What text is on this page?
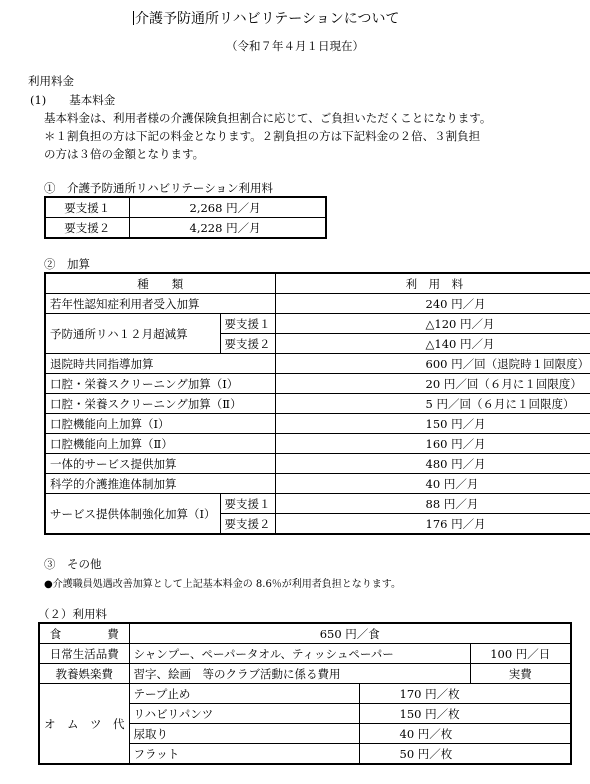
介護予防通所リハビリテーションについて
（令和７年４月１日現在）
利用料金
(1)　　基本料金
基本料金は、利用者様の介護保険負担割合に応じて、ご負担いただくことになります。
＊１割負担の方は下記の料金となります。２割負担の方は下記料金の２倍、３割負担
の方は３倍の金額となります。
①　介護予防通所リハビリテーション利用料
要支援１	2,268 円／月
要支援２	4,228 円／月
②　加算
種　　類		利　用　料
若年性認知症利用者受入加算		240 円／月
予防通所リハ１２月超減算	要支援１	△120 円／月
	要支援２	△140 円／月
退院時共同指導加算		600 円／回（退院時１回限度）
口腔・栄養スクリーニング加算（Ⅰ）		20 円／回（６月に１回限度）
口腔・栄養スクリーニング加算（Ⅱ）		5 円／回（６月に１回限度）
口腔機能向上加算（Ⅰ）		150 円／月
口腔機能向上加算（Ⅱ）		160 円／月
一体的サービス提供加算		480 円／月
科学的介護推進体制加算		40 円／月
サービス提供体制強化加算（Ⅰ）	要支援１	88 円／月
	要支援２	176 円／月
③　その他
●介護職員処遇改善加算として上記基本料金の 8.6％が利用者負担となります。
（２）利用料
食　　　　費	650 円／食		
日常生活品費	シャンプー、ペーパータオル、ティッシュペーパー		100 円／日
教養娯楽費	習字、絵画　等のクラブ活動に係る費用		実費
オ　ム　ツ　代	テープ止め	170 円／枚	
	リハビリパンツ	150 円／枚	
	尿取り	40 円／枚	
	フラット	50 円／枚	
